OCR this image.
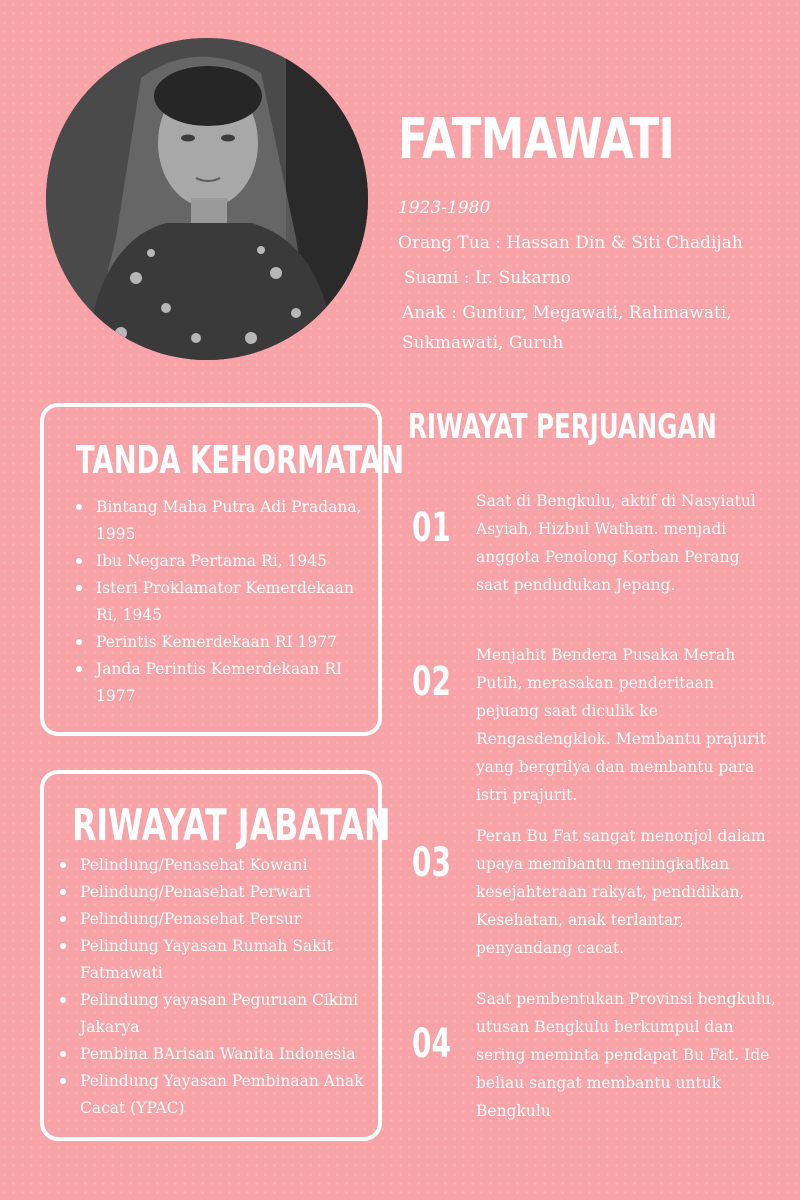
FATMAWATI
1923-1980
Orang Tua : Hassan Din & Siti Chadijah
Suami : Ir. Sukarno
Anak : Guntur, Megawati, Rahmawati, Sukmawati, Guruh
TANDA KEHORMATAN
Bintang Maha Putra Adi Pradana, 1995
Ibu Negara Pertama Ri, 1945
Isteri Proklamator Kemerdekaan Ri, 1945
Perintis Kemerdekaan RI 1977
Janda Perintis Kemerdekaan RI 1977
RIWAYAT JABATAN
Pelindung/Penasehat Kowani
Pelindung/Penasehat Perwari
Pelindung/Penasehat Persur
Pelindung Yayasan Rumah Sakit Fatmawati
Pelindung yayasan Peguruan Cikini Jakarya
Pembina BArisan Wanita Indonesia
Pelindung Yayasan Pembinaan Anak Cacat (YPAC)
RIWAYAT PERJUANGAN
01
Saat di Bengkulu, aktif di Nasyiatul Asyiah, Hizbul Wathan. menjadi anggota Penolong Korban Perang saat pendudukan Jepang.
02
Menjahit Bendera Pusaka Merah Putih, merasakan penderitaan pejuang saat diculik ke Rengasdengklok. Membantu prajurit yang bergrilya dan membantu para istri prajurit.
03
Peran Bu Fat sangat menonjol dalam upaya membantu meningkatkan kesejahteraan rakyat, pendidikan, Kesehatan, anak terlantar, penyandang cacat.
04
Saat pembentukan Provinsi bengkulu, utusan Bengkulu berkumpul dan sering meminta pendapat Bu Fat. Ide beliau sangat membantu untuk Bengkulu
